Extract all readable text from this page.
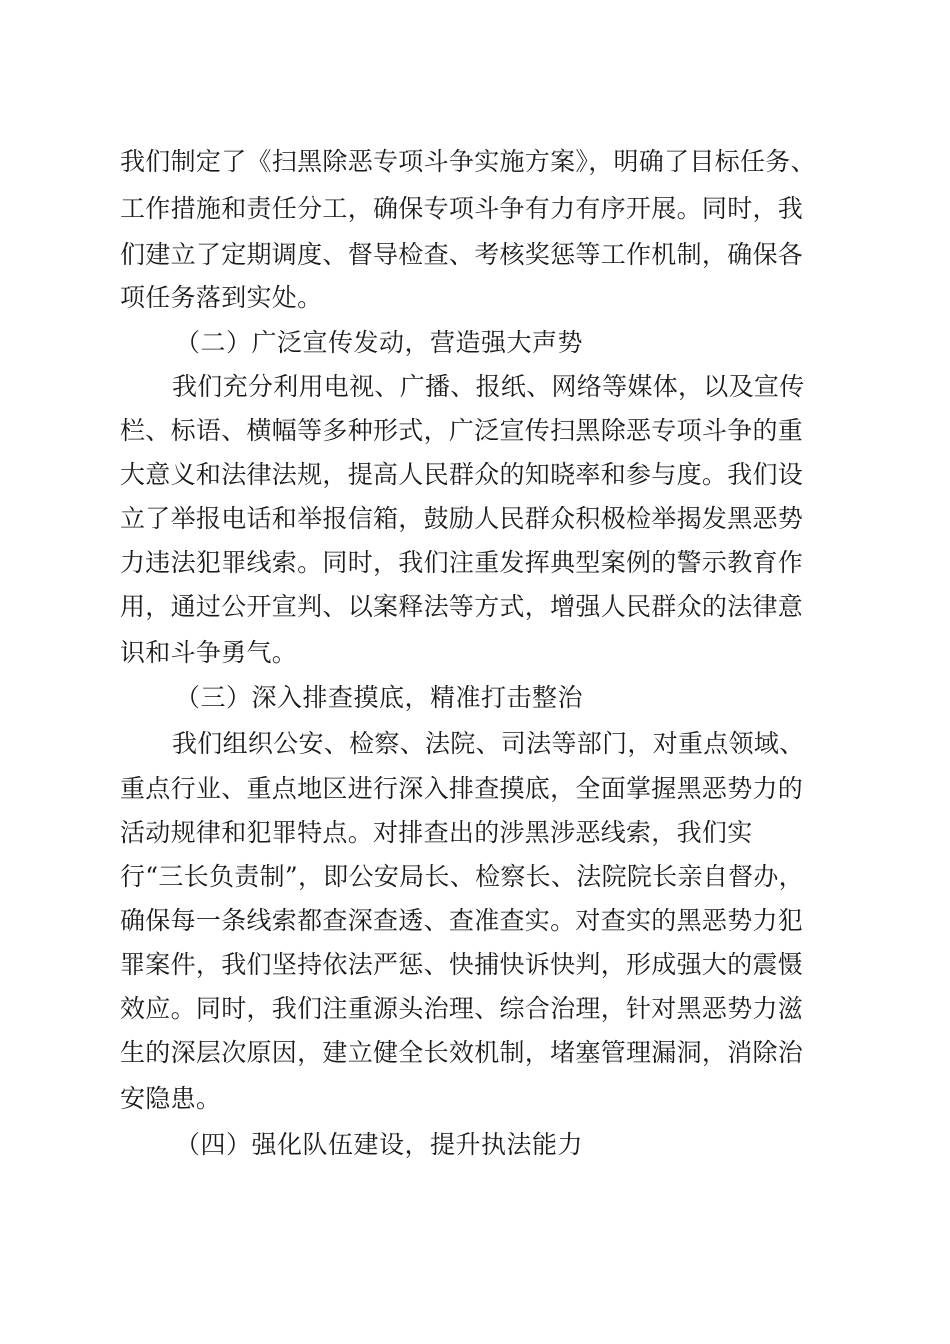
我们制定了《扫黑除恶专项斗争实施方案》，明确了目标任务、
工作措施和责任分工，确保专项斗争有力有序开展。同时，我
们建立了定期调度、督导检查、考核奖惩等工作机制，确保各
项任务落到实处。
（二）广泛宣传发动，营造强大声势
我们充分利用电视、广播、报纸、网络等媒体，以及宣传
栏、标语、横幅等多种形式，广泛宣传扫黑除恶专项斗争的重
大意义和法律法规，提高人民群众的知晓率和参与度。我们设
立了举报电话和举报信箱，鼓励人民群众积极检举揭发黑恶势
力违法犯罪线索。同时，我们注重发挥典型案例的警示教育作
用，通过公开宣判、以案释法等方式，增强人民群众的法律意
识和斗争勇气。
（三）深入排查摸底，精准打击整治
我们组织公安、检察、法院、司法等部门，对重点领域、
重点行业、重点地区进行深入排查摸底，全面掌握黑恶势力的
活动规律和犯罪特点。对排查出的涉黑涉恶线索，我们实
行“三长负责制”，即公安局长、检察长、法院院长亲自督办，
确保每一条线索都查深查透、查准查实。对查实的黑恶势力犯
罪案件，我们坚持依法严惩、快捕快诉快判，形成强大的震慑
效应。同时，我们注重源头治理、综合治理，针对黑恶势力滋
生的深层次原因，建立健全长效机制，堵塞管理漏洞，消除治
安隐患。
（四）强化队伍建设，提升执法能力
